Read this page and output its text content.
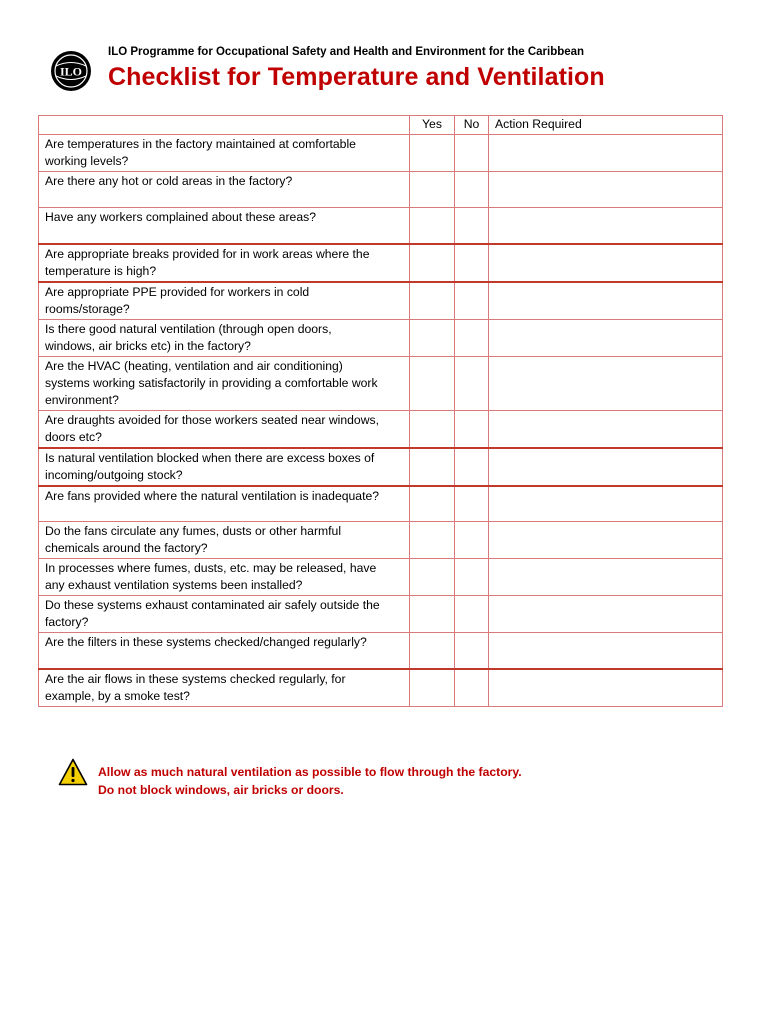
ILO
ILO Programme for Occupational Safety and Health and Environment for the Caribbean
Checklist for Temperature and Ventilation
	Yes	No	Action Required

Are temperatures in the factory maintained at comfortable
working levels?			

Are there any hot or cold areas in the factory?			

Have any workers complained about these areas?			

Are appropriate breaks provided for in work areas where the
temperature is high?			

Are appropriate PPE provided for workers in cold
rooms/storage?			

Is there good natural ventilation (through open doors,
windows, air bricks etc) in the factory?			

Are the HVAC (heating, ventilation and air conditioning)
systems working satisfactorily in providing a comfortable work
environment?			

Are draughts avoided for those workers seated near windows,
doors etc?			

Is natural ventilation blocked when there are excess boxes of
incoming/outgoing stock?			

Are fans provided where the natural ventilation is inadequate?			

Do the fans circulate any fumes, dusts or other harmful
chemicals around the factory?			

In processes where fumes, dusts, etc. may be released, have
any exhaust ventilation systems been installed?			

Do these systems exhaust contaminated air safely outside the
factory?			

Are the filters in these systems checked/changed regularly?			

Are the air flows in these systems checked regularly, for
example, by a smoke test?			

Allow as much natural ventilation as possible to flow through the factory.
Do not block windows, air bricks or doors.
